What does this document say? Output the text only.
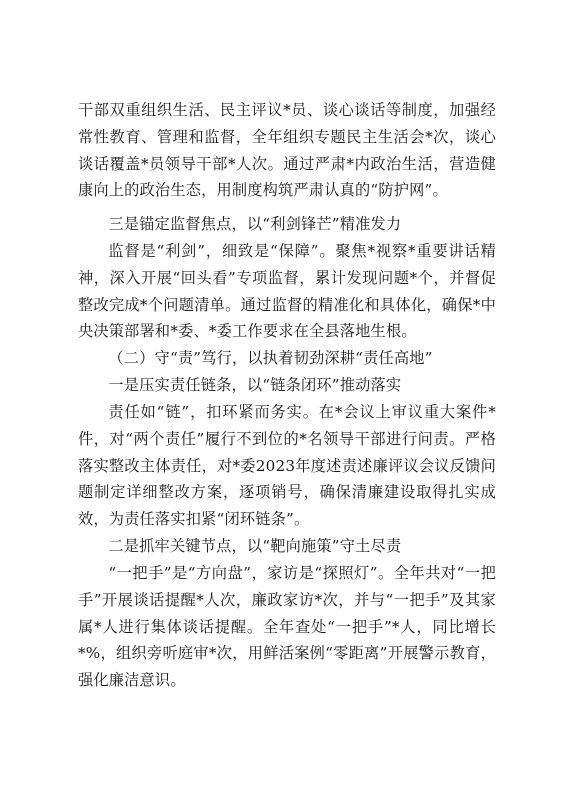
干部双重组织生活、民主评议*员、谈心谈话等制度，加强经常性教育、管理和监督，全年组织专题民主生活会*次，谈心谈话覆盖*员领导干部*人次。通过严肃*内政治生活，营造健康向上的政治生态，用制度构筑严肃认真的“防护网”。

三是锚定监督焦点，以“利剑锋芒”精准发力

监督是“利剑”，细致是“保障”。聚焦*视察*重要讲话精神，深入开展“回头看”专项监督，累计发现问题*个，并督促整改完成*个问题清单。通过监督的精准化和具体化，确保*中央决策部署和*委、*委工作要求在全县落地生根。

（二）守“责”笃行，以执着韧劲深耕“责任高地”

一是压实责任链条，以“链条闭环”推动落实

责任如“链”，扣环紧而务实。在*会议上审议重大案件*件，对“两个责任”履行不到位的*名领导干部进行问责。严格落实整改主体责任，对*委2023年度述责述廉评议会议反馈问题制定详细整改方案，逐项销号，确保清廉建设取得扎实成效，为责任落实扣紧“闭环链条”。

二是抓牢关键节点，以“靶向施策”守土尽责

“一把手”是“方向盘”，家访是“探照灯”。全年共对“一把手”开展谈话提醒*人次，廉政家访*次，并与“一把手”及其家属*人进行集体谈话提醒。全年查处“一把手”*人，同比增长*%，组织旁听庭审*次，用鲜活案例“零距离”开展警示教育，强化廉洁意识。
